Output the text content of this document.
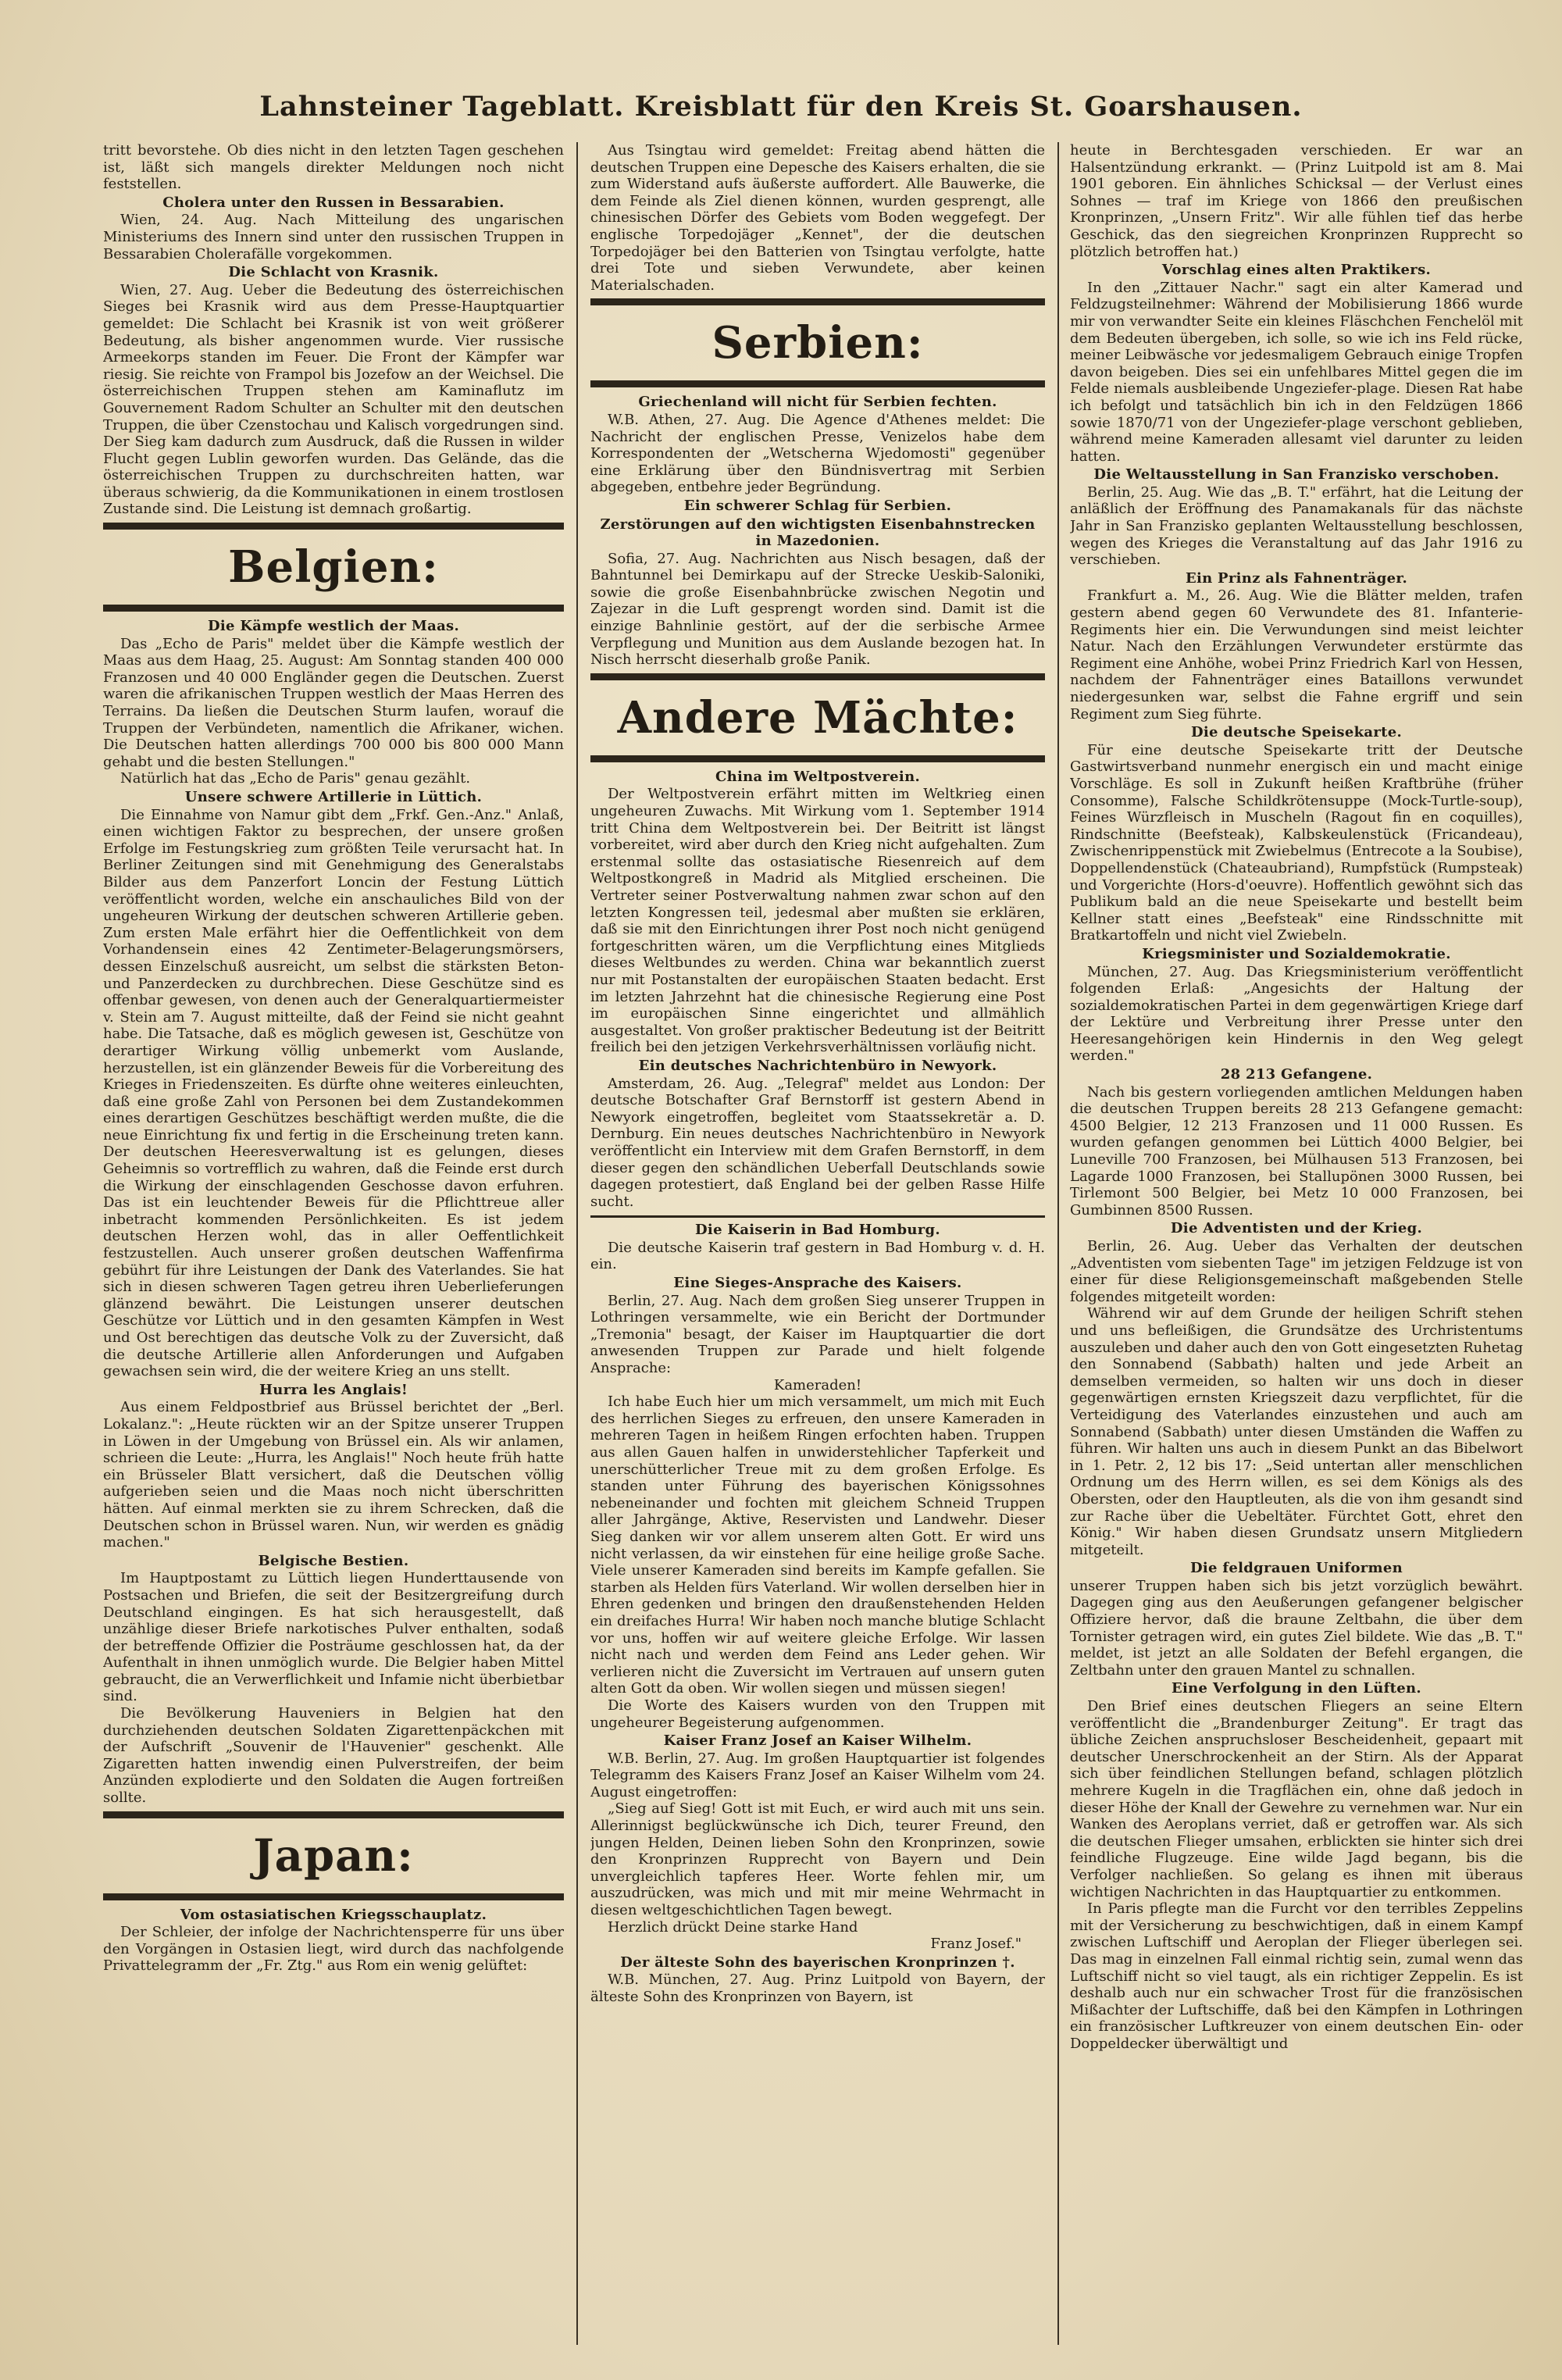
Lahnsteiner Tageblatt. Kreisblatt für den Kreis St. Goarshausen.

tritt bevorstehe. Ob dies nicht in den letzten Tagen geschehen ist, läßt sich mangels direkter Meldungen noch nicht feststellen.

Cholera unter den Russen in Bessarabien.

Wien, 24. Aug. Nach Mitteilung des ungarischen Ministeriums des Innern sind unter den russischen Truppen in Bessarabien Cholerafälle vorgekommen.

Die Schlacht von Krasnik.

Wien, 27. Aug. Ueber die Bedeutung des österreichischen Sieges bei Krasnik wird aus dem Presse-Hauptquartier gemeldet: Die Schlacht bei Krasnik ist von weit größerer Bedeutung, als bisher angenommen wurde. Vier russische Armeekorps standen im Feuer. Die Front der Kämpfer war riesig. Sie reichte von Frampol bis Jozefow an der Weichsel. Die österreichischen Truppen stehen am Kaminaflutz im Gouvernement Radom Schulter an Schulter mit den deutschen Truppen, die über Czenstochau und Kalisch vorgedrungen sind. Der Sieg kam dadurch zum Ausdruck, daß die Russen in wilder Flucht gegen Lublin geworfen wurden. Das Gelände, das die österreichischen Truppen zu durchschreiten hatten, war überaus schwierig, da die Kommunikationen in einem trostlosen Zustande sind. Die Leistung ist demnach großartig.

Belgien:
Die Kämpfe westlich der Maas.

Das „Echo de Paris" meldet über die Kämpfe westlich der Maas aus dem Haag, 25. August: Am Sonntag standen 400 000 Franzosen und 40 000 Engländer gegen die Deutschen. Zuerst waren die afrikanischen Truppen westlich der Maas Herren des Terrains. Da ließen die Deutschen Sturm laufen, worauf die Truppen der Verbündeten, namentlich die Afrikaner, wichen. Die Deutschen hatten allerdings 700 000 bis 800 000 Mann gehabt und die besten Stellungen."

Natürlich hat das „Echo de Paris" genau gezählt.

Unsere schwere Artillerie in Lüttich.

Die Einnahme von Namur gibt dem „Frkf. Gen.-Anz." Anlaß, einen wichtigen Faktor zu besprechen, der unsere großen Erfolge im Festungskrieg zum größten Teile verursacht hat. In Berliner Zeitungen sind mit Genehmigung des Generalstabs Bilder aus dem Panzerfort Loncin der Festung Lüttich veröffentlicht worden, welche ein anschauliches Bild von der ungeheuren Wirkung der deutschen schweren Artillerie geben. Zum ersten Male erfährt hier die Oeffentlichkeit von dem Vorhandensein eines 42 Zentimeter-Belagerungsmörsers, dessen Einzelschuß ausreicht, um selbst die stärksten Beton- und Panzerdecken zu durchbrechen. Diese Geschütze sind es offenbar gewesen, von denen auch der Generalquartiermeister v. Stein am 7. August mitteilte, daß der Feind sie nicht geahnt habe. Die Tatsache, daß es möglich gewesen ist, Geschütze von derartiger Wirkung völlig unbemerkt vom Auslande, herzustellen, ist ein glänzender Beweis für die Vorbereitung des Krieges in Friedenszeiten. Es dürfte ohne weiteres einleuchten, daß eine große Zahl von Personen bei dem Zustandekommen eines derartigen Geschützes beschäftigt werden mußte, die die neue Einrichtung fix und fertig in die Erscheinung treten kann. Der deutschen Heeresverwaltung ist es gelungen, dieses Geheimnis so vortrefflich zu wahren, daß die Feinde erst durch die Wirkung der einschlagenden Geschosse davon erfuhren. Das ist ein leuchtender Beweis für die Pflichttreue aller inbetracht kommenden Persönlichkeiten. Es ist jedem deutschen Herzen wohl, das in aller Oeffentlichkeit festzustellen. Auch unserer großen deutschen Waffenfirma gebührt für ihre Leistungen der Dank des Vaterlandes. Sie hat sich in diesen schweren Tagen getreu ihren Ueberlieferungen glänzend bewährt. Die Leistungen unserer deutschen Geschütze vor Lüttich und in den gesamten Kämpfen in West und Ost berechtigen das deutsche Volk zu der Zuversicht, daß die deutsche Artillerie allen Anforderungen und Aufgaben gewachsen sein wird, die der weitere Krieg an uns stellt.

Hurra les Anglais!

Aus einem Feldpostbrief aus Brüssel berichtet der „Berl. Lokalanz.": „Heute rückten wir an der Spitze unserer Truppen in Löwen in der Umgebung von Brüssel ein. Als wir anlamen, schrieen die Leute: „Hurra, les Anglais!" Noch heute früh hatte ein Brüsseler Blatt versichert, daß die Deutschen völlig aufgerieben seien und die Maas noch nicht überschritten hätten. Auf einmal merkten sie zu ihrem Schrecken, daß die Deutschen schon in Brüssel waren. Nun, wir werden es gnädig machen."

Belgische Bestien.

Im Hauptpostamt zu Lüttich liegen Hunderttausende von Postsachen und Briefen, die seit der Besitzergreifung durch Deutschland eingingen. Es hat sich herausgestellt, daß unzählige dieser Briefe narkotisches Pulver enthalten, sodaß der betreffende Offizier die Posträume geschlossen hat, da der Aufenthalt in ihnen unmöglich wurde. Die Belgier haben Mittel gebraucht, die an Verwerflichkeit und Infamie nicht überbietbar sind.

Die Bevölkerung Hauveniers in Belgien hat den durchziehenden deutschen Soldaten Zigarettenpäckchen mit der Aufschrift „Souvenir de l'Hauvenier" geschenkt. Alle Zigaretten hatten inwendig einen Pulverstreifen, der beim Anzünden explodierte und den Soldaten die Augen fortreißen sollte.

Japan:
Vom ostasiatischen Kriegsschauplatz.

Der Schleier, der infolge der Nachrichtensperre für uns über den Vorgängen in Ostasien liegt, wird durch das nachfolgende Privattelegramm der „Fr. Ztg." aus Rom ein wenig gelüftet:

Aus Tsingtau wird gemeldet: Freitag abend hätten die deutschen Truppen eine Depesche des Kaisers erhalten, die sie zum Widerstand aufs äußerste auffordert. Alle Bauwerke, die dem Feinde als Ziel dienen können, wurden gesprengt, alle chinesischen Dörfer des Gebiets vom Boden weggefegt. Der englische Torpedojäger „Kennet", der die deutschen Torpedojäger bei den Batterien von Tsingtau verfolgte, hatte drei Tote und sieben Verwundete, aber keinen Materialschaden.

Serbien:
Griechenland will nicht für Serbien fechten.

W.B. Athen, 27. Aug. Die Agence d'Athenes meldet: Die Nachricht der englischen Presse, Venizelos habe dem Korrespondenten der „Wetscherna Wjedomosti" gegenüber eine Erklärung über den Bündnisvertrag mit Serbien abgegeben, entbehre jeder Begründung.

Ein schwerer Schlag für Serbien.
Zerstörungen auf den wichtigsten Eisenbahnstrecken in Mazedonien.

Sofia, 27. Aug. Nachrichten aus Nisch besagen, daß der Bahntunnel bei Demirkapu auf der Strecke Ueskib-Saloniki, sowie die große Eisenbahnbrücke zwischen Negotin und Zajezar in die Luft gesprengt worden sind. Damit ist die einzige Bahnlinie gestört, auf der die serbische Armee Verpflegung und Munition aus dem Auslande bezogen hat. In Nisch herrscht dieserhalb große Panik.

Andere Mächte:
China im Weltpostverein.

Der Weltpostverein erfährt mitten im Weltkrieg einen ungeheuren Zuwachs. Mit Wirkung vom 1. September 1914 tritt China dem Weltpostverein bei. Der Beitritt ist längst vorbereitet, wird aber durch den Krieg nicht aufgehalten. Zum erstenmal sollte das ostasiatische Riesenreich auf dem Weltpostkongreß in Madrid als Mitglied erscheinen. Die Vertreter seiner Postverwaltung nahmen zwar schon auf den letzten Kongressen teil, jedesmal aber mußten sie erklären, daß sie mit den Einrichtungen ihrer Post noch nicht genügend fortgeschritten wären, um die Verpflichtung eines Mitglieds dieses Weltbundes zu werden. China war bekanntlich zuerst nur mit Postanstalten der europäischen Staaten bedacht. Erst im letzten Jahrzehnt hat die chinesische Regierung eine Post im europäischen Sinne eingerichtet und allmählich ausgestaltet. Von großer praktischer Bedeutung ist der Beitritt freilich bei den jetzigen Verkehrsverhältnissen vorläufig nicht.

Ein deutsches Nachrichtenbüro in Newyork.

Amsterdam, 26. Aug. „Telegraf" meldet aus London: Der deutsche Botschafter Graf Bernstorff ist gestern Abend in Newyork eingetroffen, begleitet vom Staatssekretär a. D. Dernburg. Ein neues deutsches Nachrichtenbüro in Newyork veröffentlicht ein Interview mit dem Grafen Bernstorff, in dem dieser gegen den schändlichen Ueberfall Deutschlands sowie dagegen protestiert, daß England bei der gelben Rasse Hilfe sucht.

Die Kaiserin in Bad Homburg.

Die deutsche Kaiserin traf gestern in Bad Homburg v. d. H. ein.

Eine Sieges-Ansprache des Kaisers.

Berlin, 27. Aug. Nach dem großen Sieg unserer Truppen in Lothringen versammelte, wie ein Bericht der Dortmunder „Tremonia" besagt, der Kaiser im Hauptquartier die dort anwesenden Truppen zur Parade und hielt folgende Ansprache:

Kameraden!

Ich habe Euch hier um mich versammelt, um mich mit Euch des herrlichen Sieges zu erfreuen, den unsere Kameraden in mehreren Tagen in heißem Ringen erfochten haben. Truppen aus allen Gauen halfen in unwiderstehlicher Tapferkeit und unerschütterlicher Treue mit zu dem großen Erfolge. Es standen unter Führung des bayerischen Königssohnes nebeneinander und fochten mit gleichem Schneid Truppen aller Jahrgänge, Aktive, Reservisten und Landwehr. Dieser Sieg danken wir vor allem unserem alten Gott. Er wird uns nicht verlassen, da wir einstehen für eine heilige große Sache. Viele unserer Kameraden sind bereits im Kampfe gefallen. Sie starben als Helden fürs Vaterland. Wir wollen derselben hier in Ehren gedenken und bringen den draußenstehenden Helden ein dreifaches Hurra! Wir haben noch manche blutige Schlacht vor uns, hoffen wir auf weitere gleiche Erfolge. Wir lassen nicht nach und werden dem Feind ans Leder gehen. Wir verlieren nicht die Zuversicht im Vertrauen auf unsern guten alten Gott da oben. Wir wollen siegen und müssen siegen!

Die Worte des Kaisers wurden von den Truppen mit ungeheurer Begeisterung aufgenommen.

Kaiser Franz Josef an Kaiser Wilhelm.

W.B. Berlin, 27. Aug. Im großen Hauptquartier ist folgendes Telegramm des Kaisers Franz Josef an Kaiser Wilhelm vom 24. August eingetroffen:

„Sieg auf Sieg! Gott ist mit Euch, er wird auch mit uns sein. Allerinnigst beglückwünsche ich Dich, teurer Freund, den jungen Helden, Deinen lieben Sohn den Kronprinzen, sowie den Kronprinzen Rupprecht von Bayern und Dein unvergleichlich tapferes Heer. Worte fehlen mir, um auszudrücken, was mich und mit mir meine Wehrmacht in diesen weltgeschichtlichen Tagen bewegt.

Herzlich drückt Deine starke Hand

Franz Josef."

Der älteste Sohn des bayerischen Kronprinzen †.

W.B. München, 27. Aug. Prinz Luitpold von Bayern, der älteste Sohn des Kronprinzen von Bayern, ist

heute in Berchtesgaden verschieden. Er war an Halsentzündung erkrankt. — (Prinz Luitpold ist am 8. Mai 1901 geboren. Ein ähnliches Schicksal — der Verlust eines Sohnes — traf im Kriege von 1866 den preußischen Kronprinzen, „Unsern Fritz". Wir alle fühlen tief das herbe Geschick, das den siegreichen Kronprinzen Rupprecht so plötzlich betroffen hat.)

Vorschlag eines alten Praktikers.

In den „Zittauer Nachr." sagt ein alter Kamerad und Feldzugsteilnehmer: Während der Mobilisierung 1866 wurde mir von verwandter Seite ein kleines Fläschchen Fenchelöl mit dem Bedeuten übergeben, ich solle, so wie ich ins Feld rücke, meiner Leibwäsche vor jedesmaligem Gebrauch einige Tropfen davon beigeben. Dies sei ein unfehlbares Mittel gegen die im Felde niemals ausbleibende Ungeziefer-plage. Diesen Rat habe ich befolgt und tatsächlich bin ich in den Feldzügen 1866 sowie 1870/71 von der Ungeziefer-plage verschont geblieben, während meine Kameraden allesamt viel darunter zu leiden hatten.

Die Weltausstellung in San Franzisko verschoben.

Berlin, 25. Aug. Wie das „B. T." erfährt, hat die Leitung der anläßlich der Eröffnung des Panamakanals für das nächste Jahr in San Franzisko geplanten Weltausstellung beschlossen, wegen des Krieges die Veranstaltung auf das Jahr 1916 zu verschieben.

Ein Prinz als Fahnenträger.

Frankfurt a. M., 26. Aug. Wie die Blätter melden, trafen gestern abend gegen 60 Verwundete des 81. Infanterie-Regiments hier ein. Die Verwundungen sind meist leichter Natur. Nach den Erzählungen Verwundeter erstürmte das Regiment eine Anhöhe, wobei Prinz Friedrich Karl von Hessen, nachdem der Fahnenträger eines Bataillons verwundet niedergesunken war, selbst die Fahne ergriff und sein Regiment zum Sieg führte.

Die deutsche Speisekarte.

Für eine deutsche Speisekarte tritt der Deutsche Gastwirtsverband nunmehr energisch ein und macht einige Vorschläge. Es soll in Zukunft heißen Kraftbrühe (früher Consomme), Falsche Schildkrötensuppe (Mock-Turtle-soup), Feines Würzfleisch in Muscheln (Ragout fin en coquilles), Rindschnitte (Beefsteak), Kalbskeulenstück (Fricandeau), Zwischenrippenstück mit Zwiebelmus (Entrecote a la Soubise), Doppellendenstück (Chateaubriand), Rumpfstück (Rumpsteak) und Vorgerichte (Hors-d'oeuvre). Hoffentlich gewöhnt sich das Publikum bald an die neue Speisekarte und bestellt beim Kellner statt eines „Beefsteak" eine Rindsschnitte mit Bratkartoffeln und nicht viel Zwiebeln.

Kriegsminister und Sozialdemokratie.

München, 27. Aug. Das Kriegsministerium veröffentlicht folgenden Erlaß: „Angesichts der Haltung der sozialdemokratischen Partei in dem gegenwärtigen Kriege darf der Lektüre und Verbreitung ihrer Presse unter den Heeresangehörigen kein Hindernis in den Weg gelegt werden."

28 213 Gefangene.

Nach bis gestern vorliegenden amtlichen Meldungen haben die deutschen Truppen bereits 28 213 Gefangene gemacht: 4500 Belgier, 12 213 Franzosen und 11 000 Russen. Es wurden gefangen genommen bei Lüttich 4000 Belgier, bei Luneville 700 Franzosen, bei Mülhausen 513 Franzosen, bei Lagarde 1000 Franzosen, bei Stallupönen 3000 Russen, bei Tirlemont 500 Belgier, bei Metz 10 000 Franzosen, bei Gumbinnen 8500 Russen.

Die Adventisten und der Krieg.

Berlin, 26. Aug. Ueber das Verhalten der deutschen „Adventisten vom siebenten Tage" im jetzigen Feldzuge ist von einer für diese Religionsgemeinschaft maßgebenden Stelle folgendes mitgeteilt worden:

Während wir auf dem Grunde der heiligen Schrift stehen und uns befleißigen, die Grundsätze des Urchristentums auszuleben und daher auch den von Gott eingesetzten Ruhetag den Sonnabend (Sabbath) halten und jede Arbeit an demselben vermeiden, so halten wir uns doch in dieser gegenwärtigen ernsten Kriegszeit dazu verpflichtet, für die Verteidigung des Vaterlandes einzustehen und auch am Sonnabend (Sabbath) unter diesen Umständen die Waffen zu führen. Wir halten uns auch in diesem Punkt an das Bibelwort in 1. Petr. 2, 12 bis 17: „Seid untertan aller menschlichen Ordnung um des Herrn willen, es sei dem Königs als des Obersten, oder den Hauptleuten, als die von ihm gesandt sind zur Rache über die Uebeltäter. Fürchtet Gott, ehret den König." Wir haben diesen Grundsatz unsern Mitgliedern mitgeteilt.

Die feldgrauen Uniformen

unserer Truppen haben sich bis jetzt vorzüglich bewährt. Dagegen ging aus den Aeußerungen gefangener belgischer Offiziere hervor, daß die braune Zeltbahn, die über dem Tornister getragen wird, ein gutes Ziel bildete. Wie das „B. T." meldet, ist jetzt an alle Soldaten der Befehl ergangen, die Zeltbahn unter den grauen Mantel zu schnallen.

Eine Verfolgung in den Lüften.

Den Brief eines deutschen Fliegers an seine Eltern veröffentlicht die „Brandenburger Zeitung". Er tragt das übliche Zeichen anspruchsloser Bescheidenheit, gepaart mit deutscher Unerschrockenheit an der Stirn. Als der Apparat sich über feindlichen Stellungen befand, schlagen plötzlich mehrere Kugeln in die Tragflächen ein, ohne daß jedoch in dieser Höhe der Knall der Gewehre zu vernehmen war. Nur ein Wanken des Aeroplans verriet, daß er getroffen war. Als sich die deutschen Flieger umsahen, erblickten sie hinter sich drei feindliche Flugzeuge. Eine wilde Jagd begann, bis die Verfolger nachließen. So gelang es ihnen mit überaus wichtigen Nachrichten in das Hauptquartier zu entkommen.

In Paris pflegte man die Furcht vor den terribles Zeppelins mit der Versicherung zu beschwichtigen, daß in einem Kampf zwischen Luftschiff und Aeroplan der Flieger überlegen sei. Das mag in einzelnen Fall einmal richtig sein, zumal wenn das Luftschiff nicht so viel taugt, als ein richtiger Zeppelin. Es ist deshalb auch nur ein schwacher Trost für die französischen Mißachter der Luftschiffe, daß bei den Kämpfen in Lothringen ein französischer Luftkreuzer von einem deutschen Ein- oder Doppeldecker überwältigt und
